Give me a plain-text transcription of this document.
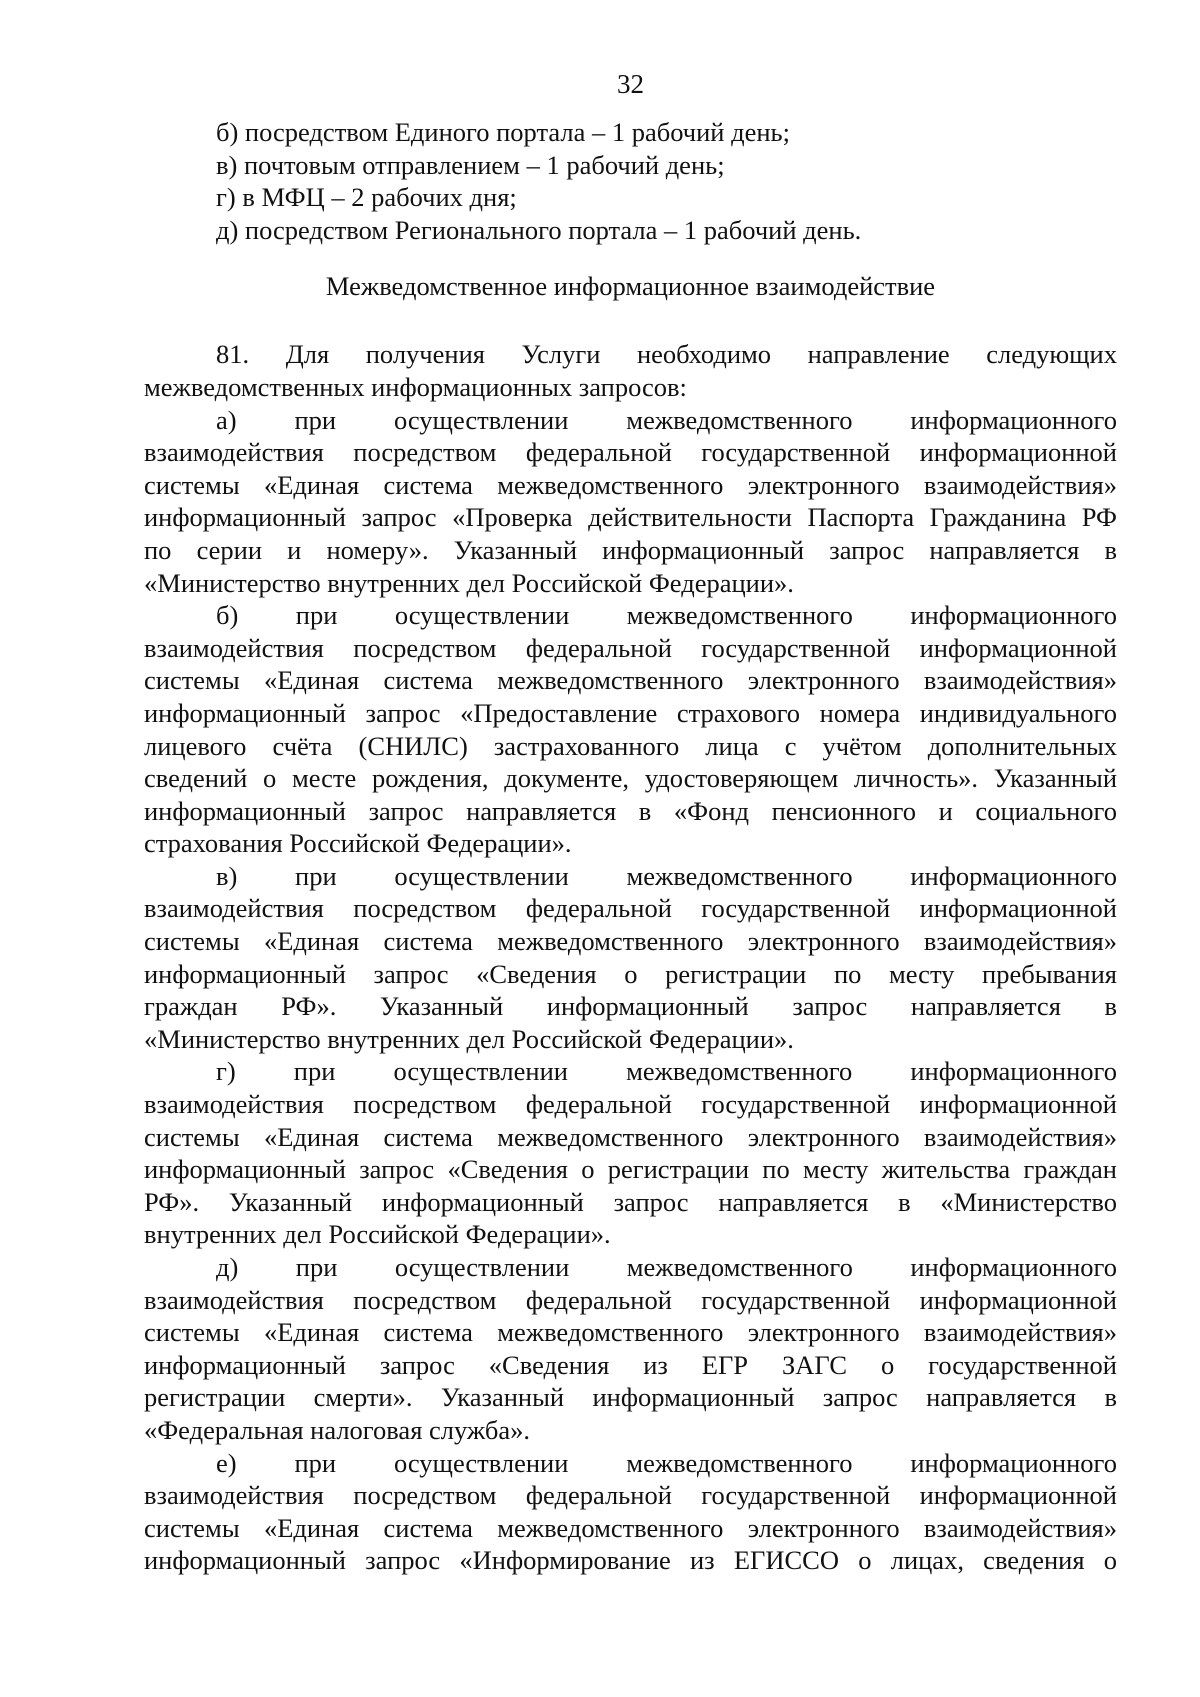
32
б) посредством Единого портала – 1 рабочий день;
в) почтовым отправлением – 1 рабочий день;
г) в МФЦ – 2 рабочих дня;
д) посредством Регионального портала – 1 рабочий день.
Межведомственное информационное взаимодействие
81. Для получения Услуги необходимо направление следующих
межведомственных информационных запросов:
а) при осуществлении межведомственного информационного
взаимодействия посредством федеральной государственной информационной
системы «Единая система межведомственного электронного взаимодействия»
информационный запрос «Проверка действительности Паспорта Гражданина РФ
по серии и номеру». Указанный информационный запрос направляется в
«Министерство внутренних дел Российской Федерации».
б) при осуществлении межведомственного информационного
взаимодействия посредством федеральной государственной информационной
системы «Единая система межведомственного электронного взаимодействия»
информационный запрос «Предоставление страхового номера индивидуального
лицевого счёта (СНИЛС) застрахованного лица с учётом дополнительных
сведений о месте рождения, документе, удостоверяющем личность». Указанный
информационный запрос направляется в «Фонд пенсионного и социального
страхования Российской Федерации».
в) при осуществлении межведомственного информационного
взаимодействия посредством федеральной государственной информационной
системы «Единая система межведомственного электронного взаимодействия»
информационный запрос «Сведения о регистрации по месту пребывания
граждан РФ». Указанный информационный запрос направляется в
«Министерство внутренних дел Российской Федерации».
г) при осуществлении межведомственного информационного
взаимодействия посредством федеральной государственной информационной
системы «Единая система межведомственного электронного взаимодействия»
информационный запрос «Сведения о регистрации по месту жительства граждан
РФ». Указанный информационный запрос направляется в «Министерство
внутренних дел Российской Федерации».
д) при осуществлении межведомственного информационного
взаимодействия посредством федеральной государственной информационной
системы «Единая система межведомственного электронного взаимодействия»
информационный запрос «Сведения из ЕГР ЗАГС о государственной
регистрации смерти». Указанный информационный запрос направляется в
«Федеральная налоговая служба».
е) при осуществлении межведомственного информационного
взаимодействия посредством федеральной государственной информационной
системы «Единая система межведомственного электронного взаимодействия»
информационный запрос «Информирование из ЕГИССО о лицах, сведения о
